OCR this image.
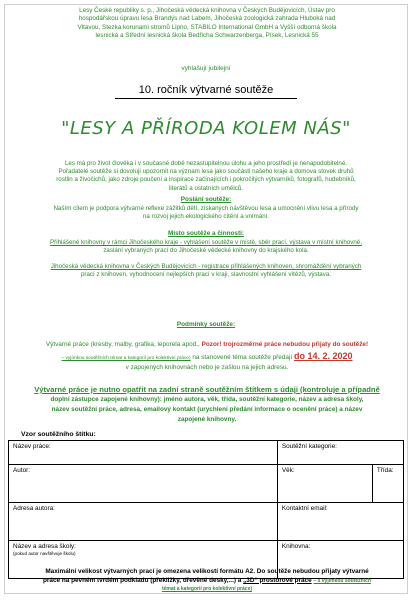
Lesy České republiky s. p., Jihočeská vědecká knihovna v Českých Budějovicích, Ústav pro
hospodářskou úpravu lesa Brandýs nad Labem, Jihočeská zoologická zahrada Hluboká nad
Vltavou, Stezka korunami stromů Lipno, STABILO International GmbH a Vyšší odborná škola
lesnická a Střední lesnická škola Bedřicha Schwarzenberga, Písek, Lesnická 55
vyhlašují jubilejní
10. ročník výtvarné soutěže
"LESY A PŘÍRODA KOLEM NÁS"
Les má pro život člověka i v současné době nezastupitelnou úlohu a jeho prostředí je nenapodobitelné.
Pořadatelé soutěže si dovolují upozornit na význam lesa jako součásti našeho kraje a domova stovek druhů
rostlin a živočichů, jako zdroje poučení a inspirace začínajících i pokročilých výtvarníků, fotografů, hudebníků,
literátů a ostatních umělců.
Poslání soutěže:
Naším cílem je podpora výtvarné reflexe zážitků dětí, získaných návštěvou lesa a umocnění vlivu lesa a přírody
na rozvoj jejich ekologického cítění a vnímání.
Místo soutěže a činnosti:
Přihlášené knihovny v rámci Jihočeského kraje - vyhlášení soutěže v místě, sběr prací, výstava v místní knihovně,
zaslání vybraných prací do Jihočeské vědecké knihovny do krajského kola.
Jihočeská vědecká knihovna v Českých Budějovicích - registrace přihlášených knihoven, shromáždění vybraných
prací z knihoven, vyhodnocení nejlepších prací v kraji, slavnostní vyhlášení vítězů, výstava.
Podmínky soutěže:
Výtvarné práce (kresby, malby, grafika, leporela apod., Pozor! trojrozměrné práce nebudou přijaty do soutěže!
– vyjímkou soutěžních témat a kategorií pro kolektivní práce) na stanovené téma soutěže předají do 14. 2. 2020
v zapojených knihovnách nebo je zašlou na jejich adresu.
Výtvarné práce je nutno opatřit na zadní straně soutěžním štítkem s údaji (kontroluje a případně
doplní zástupce zapojené knihovny): jméno autora, věk, třída, soutěžní kategorie, název a adresa školy,
název soutěžní práce, adresa, emailový kontakt (urychlení předání informace o ocenění práce) a název
zapojené knihovny.
Vzor soutěžního štítku:
Název práce:	Soutěžní kategorie:	
Autor:	Věk:	Třída:
Adresa autora:	Kontaktní email:	
Název a adresa školy:
(pokud autor navštěvuje školu)	Knihovna:	
Maximální velikost výtvarných prací je omezena velikostí formátu A2. Do soutěže nebudou přijaty výtvarné
práce na pevném tvrdém podkladu (překližky, dřevěné desky,...) a „3D“ prostorové práce – s vyjímkou soutěžních
témat a kategorií pro kolektivní práce)
